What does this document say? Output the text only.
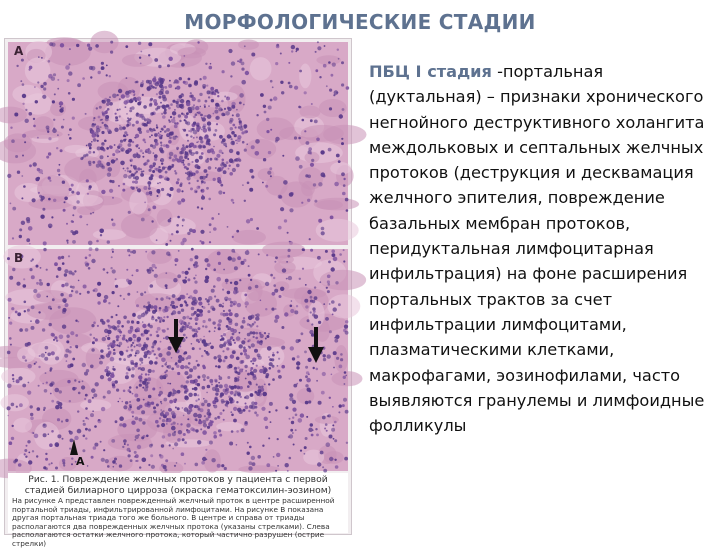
МОРФОЛОГИЧЕСКИЕ СТАДИИ
A
A
B
Рис. 1. Повреждение желчных протоков у пациента с первой стадией билиарного цирроза (окраска гематоксилин-эозином)
На рисунке А представлен поврежденный желчный проток в центре расширенной портальной триады, инфильтрированной лимфоцитами. На рисунке В показана другая портальная триада того же больного. В центре и справа от триады располагаются два поврежденных желчных протока (указаны стрелками). Слева располагаются остатки желчного протока, который частично разрушен (острие стрелки)
ПБЦ I стадия -портальная (дуктальная) – признаки хронического негнойного деструктивного холангита междольковых и септальных желчных протоков (деструкция и десквамация желчного эпителия, повреждение базальных мембран протоков, перидуктальная лимфоцитарная инфильтрация) на фоне расширения портальных трактов за счет инфильтрации лимфоцитами, плазматическими клетками, макрофагами, эозинофилами, часто выявляются гранулемы и лимфоидные фолликулы
